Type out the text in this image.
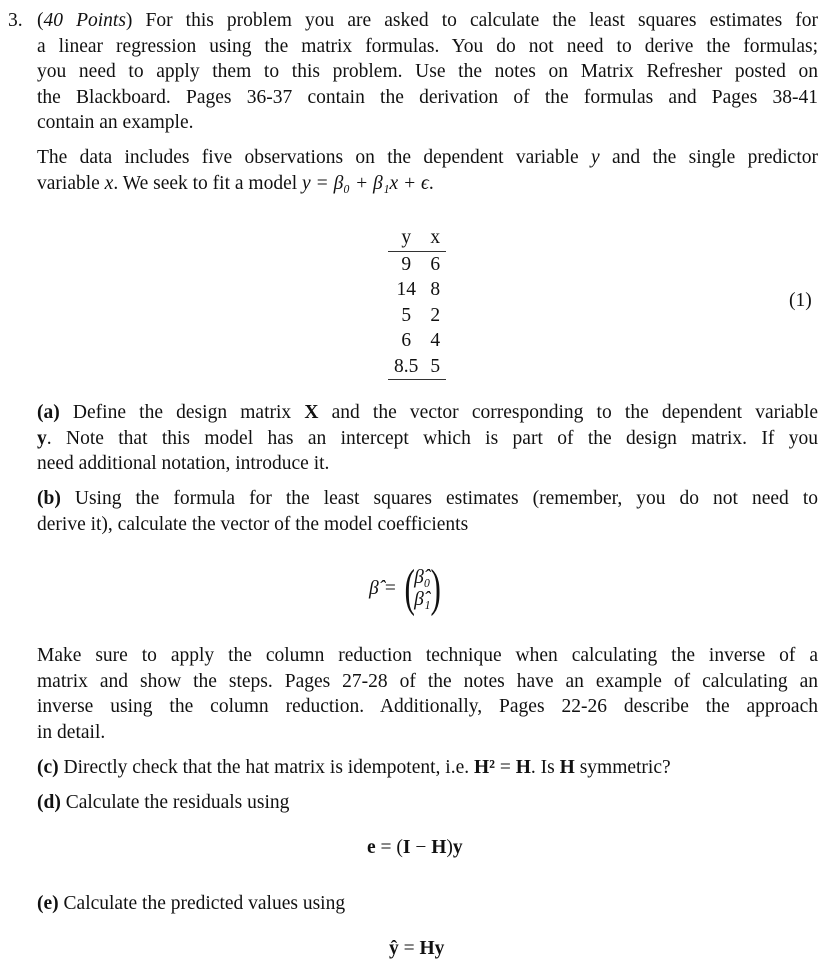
3. (40 Points) For this problem you are asked to calculate the least squares estimates for
a linear regression using the matrix formulas. You do not need to derive the formulas;
you need to apply them to this problem. Use the notes on Matrix Refresher posted on
the Blackboard. Pages 36-37 contain the derivation of the formulas and Pages 38-41
contain an example.
The data includes five observations on the dependent variable y and the single predictor
variable x. We seek to fit a model y = β₀ + β₁x + ϵ.
y	x
9	6
14	8
5	2
6	4
8.5	5
(1)
(a) Define the design matrix X and the vector corresponding to the dependent variable
y. Note that this model has an intercept which is part of the design matrix. If you
need additional notation, introduce it.
(b) Using the formula for the least squares estimates (remember, you do not need to
derive it), calculate the vector of the model coefficients
β̂ = ( β̂₀
β̂₁ )
Make sure to apply the column reduction technique when calculating the inverse of a
matrix and show the steps. Pages 27-28 of the notes have an example of calculating an
inverse using the column reduction. Additionally, Pages 22-26 describe the approach
in detail.
(c) Directly check that the hat matrix is idempotent, i.e. H² = H. Is H symmetric?
(d) Calculate the residuals using
e = (I − H)y
(e) Calculate the predicted values using
ŷ = Hy
